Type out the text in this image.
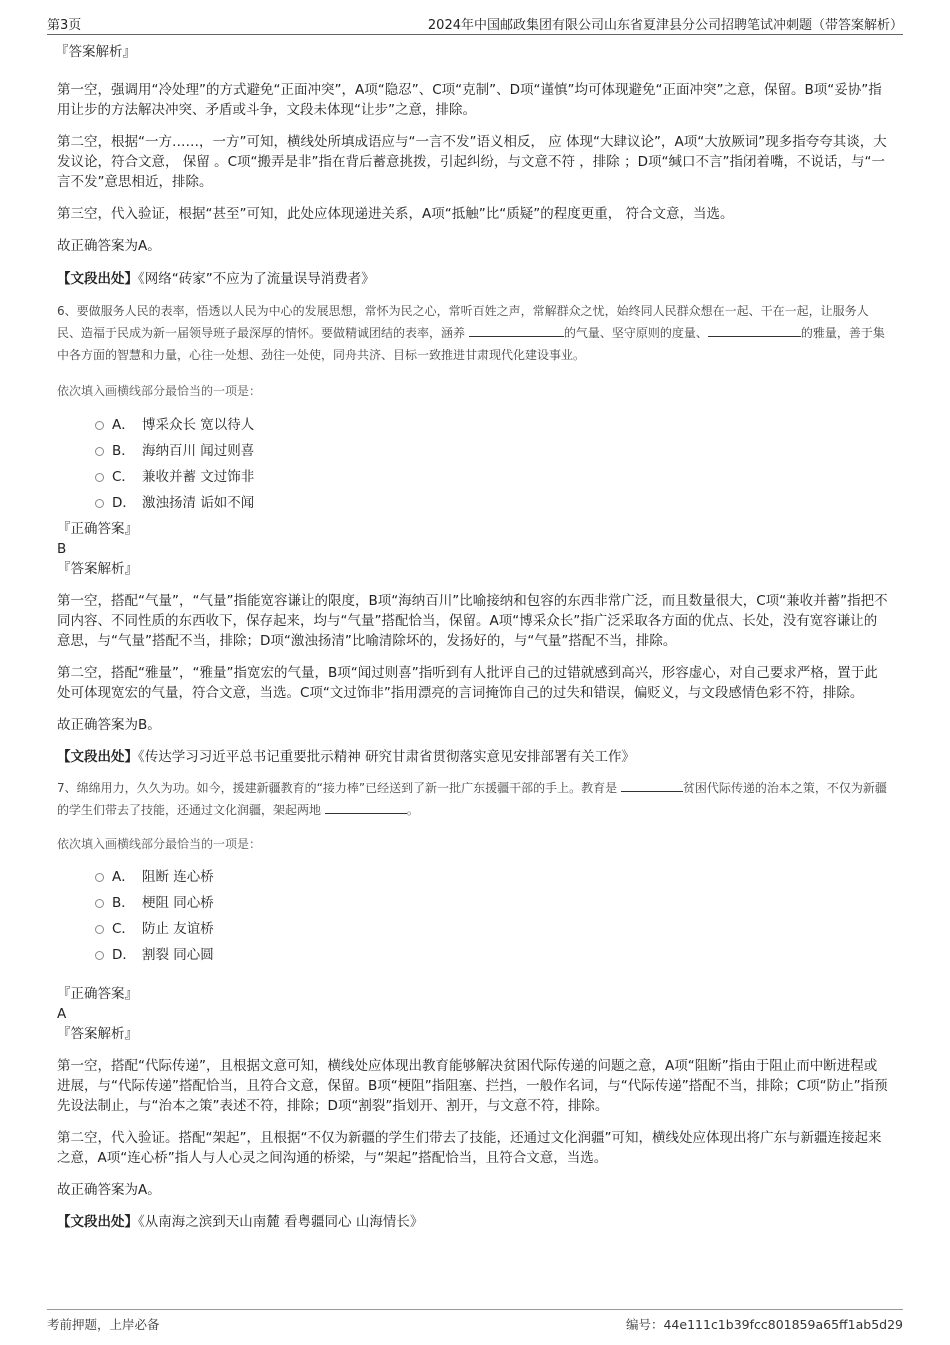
第3页	2024年中国邮政集团有限公司山东省夏津县分公司招聘笔试冲刺题（带答案解析）

『答案解析』

第一空，强调用“冷处理”的方式避免“正面冲突”，A项“隐忍”、C项“克制”、D项“谨慎”均可体现避免“正面冲突”之意，保留。B项“妥协”指用让步的方法解决冲突、矛盾或斗争，文段未体现“让步”之意，排除。

第二空，根据“一方……，一方”可知，横线处所填成语应与“一言不发”语义相反， 应 体现“大肆议论”，A项“大放厥词”现多指夸夸其谈，大发议论，符合文意， 保留 。C项“搬弄是非”指在背后蓄意挑拨，引起纠纷，与文意不符 ，排除 ；D项“缄口不言”指闭着嘴，不说话，与“一言不发”意思相近，排除。

第三空，代入验证，根据“甚至”可知，此处应体现递进关系，A项“抵触”比“质疑”的程度更重， 符合文意，当选。

故正确答案为A。

【文段出处】《网络“砖家”不应为了流量误导消费者》

6、要做服务人民的表率，悟透以人民为中心的发展思想，常怀为民之心，常听百姓之声，常解群众之忧，始终同人民群众想在一起、干在一起，让服务人民、造福于民成为新一届领导班子最深厚的情怀。要做精诚团结的表率，涵养	的气量、坚守原则的度量、	的雅量，善于集中各方面的智慧和力量，心往一处想、劲往一处使，同舟共济、目标一致推进甘肃现代化建设事业。

依次填入画横线部分最恰当的一项是：

A． 博采众长 宽以待人
B． 海纳百川 闻过则喜
C． 兼收并蓄 文过饰非
D． 激浊扬清 诟如不闻

『正确答案』

B

『答案解析』

第一空，搭配“气量”，“气量”指能宽容谦让的限度，B项“海纳百川”比喻接纳和包容的东西非常广泛，而且数量很大，C项“兼收并蓄”指把不同内容、不同性质的东西收下，保存起来，均与“气量”搭配恰当，保留。A项“博采众长”指广泛采取各方面的优点、长处，没有宽容谦让的意思，与“气量”搭配不当，排除；D项“激浊扬清”比喻清除坏的，发扬好的，与“气量”搭配不当，排除。

第二空，搭配“雅量”，“雅量”指宽宏的气量，B项“闻过则喜”指听到有人批评自己的过错就感到高兴，形容虚心，对自己要求严格，置于此处可体现宽宏的气量，符合文意，当选。C项“文过饰非”指用漂亮的言词掩饰自己的过失和错误，偏贬义，与文段感情色彩不符，排除。

故正确答案为B。

【文段出处】《传达学习习近平总书记重要批示精神 研究甘肃省贯彻落实意见安排部署有关工作》

7、绵绵用力，久久为功。如今，援建新疆教育的“接力棒”已经送到了新一批广东援疆干部的手上。教育是	贫困代际传递的治本之策，不仅为新疆的学生们带去了技能，还通过文化润疆，架起两地	。

依次填入画横线部分最恰当的一项是：

A． 阻断 连心桥
B． 梗阻 同心桥
C． 防止 友谊桥
D． 割裂 同心圆

『正确答案』

A

『答案解析』

第一空，搭配“代际传递”，且根据文意可知，横线处应体现出教育能够解决贫困代际传递的问题之意，A项“阻断”指由于阻止而中断进程或进展，与“代际传递”搭配恰当，且符合文意，保留。B项“梗阻”指阻塞、拦挡，一般作名词，与“代际传递”搭配不当，排除；C项“防止”指预先设法制止，与“治本之策”表述不符，排除；D项“割裂”指划开、割开，与文意不符，排除。

第二空，代入验证。搭配“架起”，且根据“不仅为新疆的学生们带去了技能，还通过文化润疆”可知，横线处应体现出将广东与新疆连接起来之意，A项“连心桥”指人与人心灵之间沟通的桥梁，与“架起”搭配恰当，且符合文意，当选。

故正确答案为A。

【文段出处】《从南海之滨到天山南麓 看粤疆同心 山海情长》

考前押题，上岸必备	编号：44e111c1b39fcc801859a65ff1ab5d29
